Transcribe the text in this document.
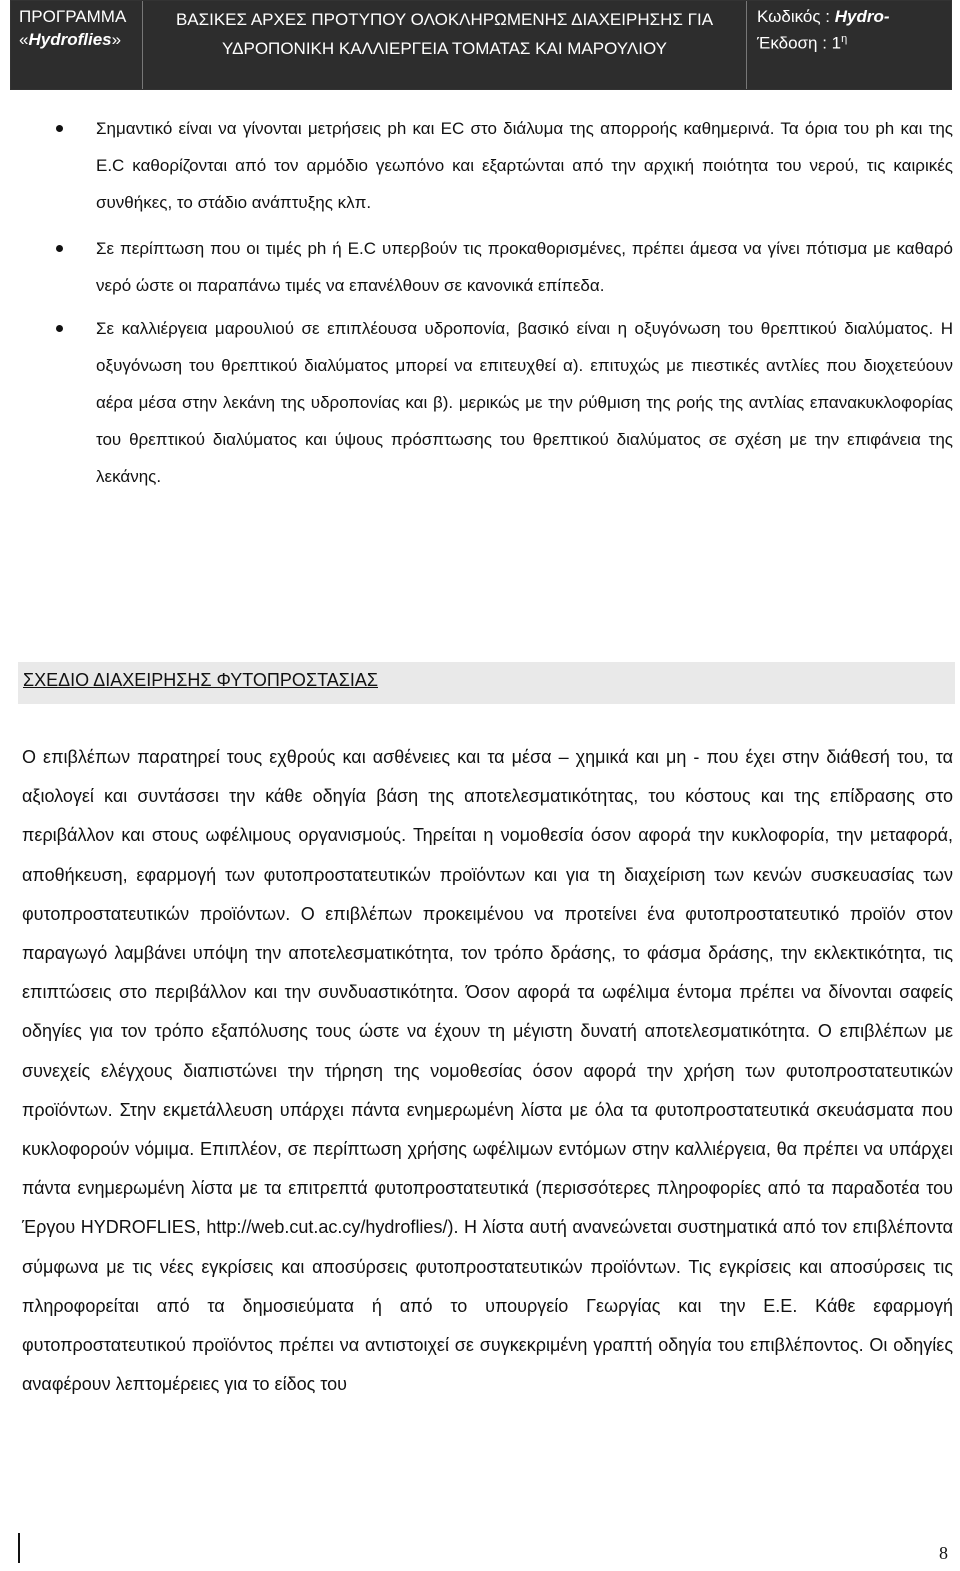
ΠΡΟΓΡΑΜΜΑ
«Hydroflies»
ΒΑΣΙΚΕΣ ΑΡΧΕΣ ΠΡΟΤΥΠΟΥ ΟΛΟΚΛΗΡΩΜΕΝΗΣ ΔΙΑΧΕΙΡΗΣΗΣ ΓΙΑ
ΥΔΡΟΠΟΝΙΚΗ ΚΑΛΛΙΕΡΓΕΙΑ ΤΟΜΑΤΑΣ ΚΑΙ ΜΑΡΟΥΛΙΟΥ
Κωδικός : Hydro-
Έκδοση : $1^\eta$
Σημαντικό είναι να γίνονται μετρήσεις ph και EC στο διάλυμα της απορροής καθημερινά. Τα όρια του ph και της E.C καθορίζονται από τον αρμόδιο γεωπόνο και εξαρτώνται από την αρχική ποιότητα του νερού, τις καιρικές συνθήκες, το στάδιο ανάπτυξης κλπ.
Σε περίπτωση που οι τιμές ph ή E.C υπερβούν τις προκαθορισμένες, πρέπει άμεσα να γίνει πότισμα με καθαρό νερό ώστε οι παραπάνω τιμές να επανέλθουν σε κανονικά επίπεδα.
Σε καλλιέργεια μαρουλιού σε επιπλέουσα υδροπονία, βασικό είναι η οξυγόνωση του θρεπτικού διαλύματος. Η οξυγόνωση του θρεπτικού διαλύματος μπορεί να επιτευχθεί α). επιτυχώς με πιεστικές αντλίες που διοχετεύουν αέρα μέσα στην λεκάνη της υδροπονίας και β). μερικώς με την ρύθμιση της ροής της αντλίας επανακυκλοφορίας του θρεπτικού διαλύματος και ύψους πρόσπτωσης του θρεπτικού διαλύματος σε σχέση με την επιφάνεια της λεκάνης.
ΣΧΕΔΙΟ ΔΙΑΧΕΙΡΗΣΗΣ ΦΥΤΟΠΡΟΣΤΑΣΙΑΣ

Ο επιβλέπων παρατηρεί τους εχθρούς και ασθένειες και τα μέσα – χημικά και μη - που έχει στην διάθεσή του, τα αξιολογεί και συντάσσει την κάθε οδηγία βάση της αποτελεσματικότητας, του κόστους και της επίδρασης στο περιβάλλον και στους ωφέλιμους οργανισμούς. Τηρείται η νομοθεσία όσον αφορά την κυκλοφορία, την μεταφορά, αποθήκευση, εφαρμογή των φυτοπροστατευτικών προϊόντων και για τη διαχείριση των κενών συσκευασίας των φυτοπροστατευτικών προϊόντων. Ο επιβλέπων προκειμένου να προτείνει ένα φυτοπροστατευτικό προϊόν στον παραγωγό λαμβάνει υπόψη την αποτελεσματικότητα, τον τρόπο δράσης, το φάσμα δράσης, την εκλεκτικότητα, τις επιπτώσεις στο περιβάλλον και την συνδυαστικότητα. Όσον αφορά τα ωφέλιμα έντομα πρέπει να δίνονται σαφείς οδηγίες για τον τρόπο εξαπόλυσης τους ώστε να έχουν τη μέγιστη δυνατή αποτελεσματικότητα. Ο επιβλέπων με συνεχείς ελέγχους διαπιστώνει την τήρηση της νομοθεσίας όσον αφορά την χρήση των φυτοπροστατευτικών προϊόντων. Στην εκμετάλλευση υπάρχει πάντα ενημερωμένη λίστα με όλα τα φυτοπροστατευτικά σκευάσματα που κυκλοφορούν νόμιμα. Επιπλέον, σε περίπτωση χρήσης ωφέλιμων εντόμων στην καλλιέργεια, θα πρέπει να υπάρχει πάντα ενημερωμένη λίστα με τα επιτρεπτά φυτοπροστατευτικά (περισσότερες πληροφορίες από τα παραδοτέα του Έργου HYDROFLIES, http://web.cut.ac.cy/hydroflies/). Η λίστα αυτή ανανεώνεται συστηματικά από τον επιβλέποντα σύμφωνα με τις νέες εγκρίσεις και αποσύρσεις φυτοπροστατευτικών προϊόντων. Τις εγκρίσεις και αποσύρσεις τις πληροφορείται από τα δημοσιεύματα ή από το υπουργείο Γεωργίας και την Ε.Ε. Κάθε εφαρμογή φυτοπροστατευτικού προϊόντος πρέπει να αντιστοιχεί σε συγκεκριμένη γραπτή οδηγία του επιβλέποντος. Οι οδηγίες αναφέρουν λεπτομέρειες για το είδος του

8
